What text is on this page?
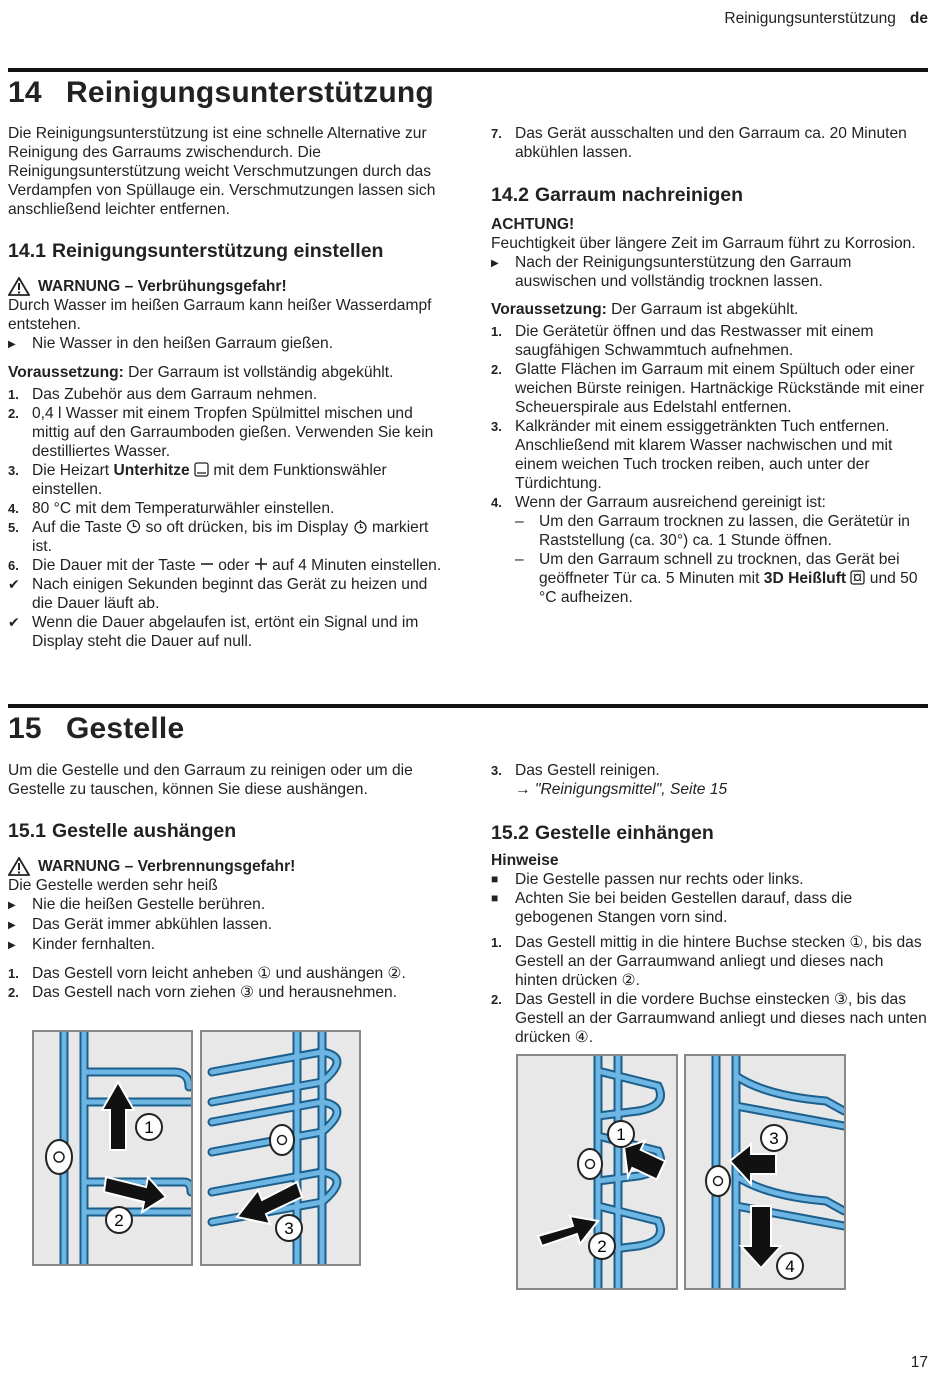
Reinigungsunterstützung de
14 Reinigungsunterstützung

Die Reinigungsunterstützung ist eine schnelle Alternative zur Reinigung des Garraums zwischendurch. Die Reinigungsunterstützung weicht Verschmutzungen durch das Verdampfen von Spüllauge ein. Verschmutzungen lassen sich anschließend leichter entfernen.

14.1 Reinigungsunterstützung einstellen
WARNUNG – Verbrühungsgefahr!

Durch Wasser im heißen Garraum kann heißer Wasserdampf entstehen.

▶	Nie Wasser in den heißen Garraum gießen.

Voraussetzung: Der Garraum ist vollständig abgekühlt.

1. Das Zubehör aus dem Garraum nehmen.
2. 0,4 l Wasser mit einem Tropfen Spülmittel mischen und mittig auf den Garraumboden gießen. Verwenden Sie kein destilliertes Wasser.
3. Die Heizart Unterhitze mit dem Funktionswähler einstellen.
4. 80 °C mit dem Temperaturwähler einstellen.
5. Auf die Taste so oft drücken, bis im Display markiert ist.
6. Die Dauer mit der Taste oder auf 4 Minuten einstellen.
✔ Nach einigen Sekunden beginnt das Gerät zu heizen und die Dauer läuft ab.
✔ Wenn die Dauer abgelaufen ist, ertönt ein Signal und im Display steht die Dauer auf null.
7. Das Gerät ausschalten und den Garraum ca. 20 Minuten abkühlen lassen.
14.2 Garraum nachreinigen

ACHTUNG!

Feuchtigkeit über längere Zeit im Garraum führt zu Korrosion.

▶	Nach der Reinigungsunterstützung den Garraum auswischen und vollständig trocknen lassen.

Voraussetzung: Der Garraum ist abgekühlt.

1. Die Gerätetür öffnen und das Restwasser mit einem saugfähigen Schwammtuch aufnehmen.
2. Glatte Flächen im Garraum mit einem Spültuch oder einer weichen Bürste reinigen. Hartnäckige Rückstände mit einer Scheuerspirale aus Edelstahl entfernen.
3. Kalkränder mit einem essiggetränkten Tuch entfernen. Anschließend mit klarem Wasser nachwischen und mit einem weichen Tuch trocken reiben, auch unter der Türdichtung.
4. Wenn der Garraum ausreichend gereinigt ist:
– Um den Garraum trocknen zu lassen, die Gerätetür in Raststellung (ca. 30°) ca. 1 Stunde öffnen.
– Um den Garraum schnell zu trocknen, das Gerät bei geöffneter Tür ca. 5 Minuten mit 3D Heißluft und 50 °C aufheizen.
15 Gestelle

Um die Gestelle und den Garraum zu reinigen oder um die Gestelle zu tauschen, können Sie diese aushängen.

15.1 Gestelle aushängen
WARNUNG – Verbrennungsgefahr!

Die Gestelle werden sehr heiß

▶	Nie die heißen Gestelle berühren.
▶	Das Gerät immer abkühlen lassen.
▶	Kinder fernhalten.
1. Das Gestell vorn leicht anheben ① und aushängen ②.
2. Das Gestell nach vorn ziehen ③ und herausnehmen.
3. Das Gestell reinigen.
→ "Reinigungsmittel", Seite 15
15.2 Gestelle einhängen

Hinweise

■	Die Gestelle passen nur rechts oder links.
■	Achten Sie bei beiden Gestellen darauf, dass die gebogenen Stangen vorn sind.
1. Das Gestell mittig in die hintere Buchse stecken ①, bis das Gestell an der Garraumwand anliegt und dieses nach hinten drücken ②.
2. Das Gestell in die vordere Buchse einstecken ③, bis das Gestell an der Garraumwand anliegt und dieses nach unten drücken ④.
1
2	3
1
2
3
4
17
